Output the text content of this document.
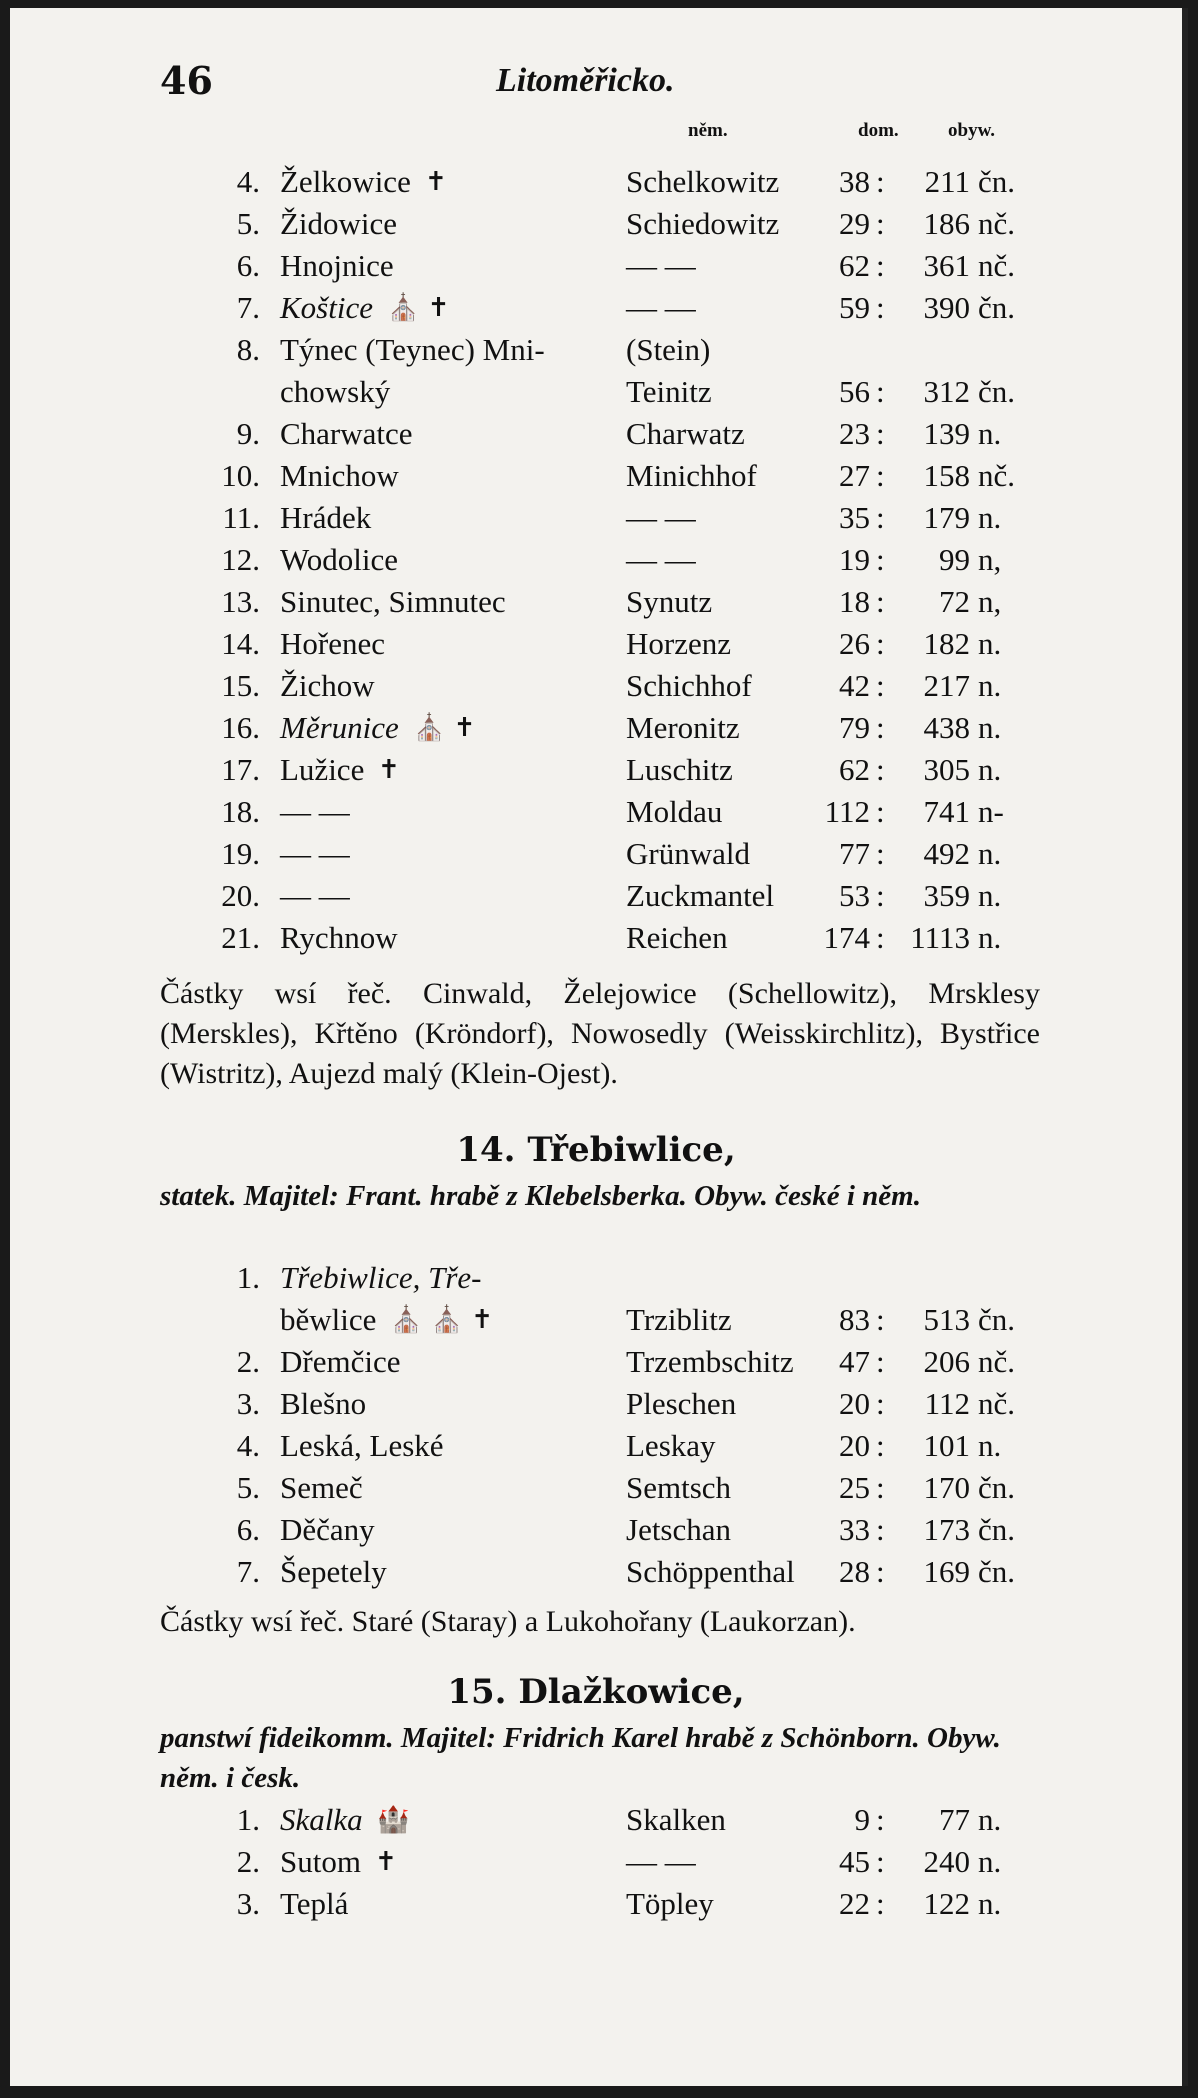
46	Litoměřicko.
něm.	dom.	obyw.
4. Želkowice ✝	Schelkowitz	38	211 čn.
:
5. Židowice	Schiedowitz	29	186 nč.
:
6. Hnojnice	— —	62	361 nč.
:
7. Koštice ⛪ ✝	— —	59	390 čn.
:
8. Týnec (Teynec) Mni-	(Stein)
chowský	Teinitz	56	312 čn.
:
9. Charwatce	Charwatz	23	139 n.
:
10. Mnichow	Minichhof	27	158 nč.
:
11. Hrádek	— —	35	179 n.
:
12. Wodolice	— —	19	99 n,
:
13. Sinutec, Simnutec	Synutz	18	72 n,
:
14. Hořenec	Horzenz	26	182 n.
:
15. Žichow	Schichhof	42	217 n.
:
16. Měrunice ⛪ ✝	Meronitz	79	438 n.
:
17. Lužice ✝	Luschitz	62	305 n.
:
18. — —	Moldau	112	741 n-
:
19. — —	Grünwald	77	492 n.
:
20. — —	Zuckmantel	53	359 n.
:
21. Rychnow	Reichen	174	1113 n.
:
Částky wsí řeč. Cinwald, Želejowice (Schellowitz), Mrsklesy (Merskles), Křtěno (Kröndorf), Nowosedly (Weisskirchlitz), Bystřice (Wistritz), Aujezd malý (Klein-Ojest).
14. Třebiwlice,
statek. Majitel: Frant. hrabě z Klebelsberka. Obyw. české i něm.
1. Třebiwlice, Tře-
běwlice ⛪ ⛪ ✝	Trziblitz	83	513 čn.
:
2. Dřemčice	Trzembschitz	47	206 nč.
:
3. Blešno	Pleschen	20	112 nč.
:
4. Leská, Leské	Leskay	20	101 n.
:
5. Semeč	Semtsch	25	170 čn.
:
6. Děčany	Jetschan	33	173 čn.
:
7. Šepetely	Schöppenthal	28	169 čn.
:
Částky wsí řeč. Staré (Staray) a Lukohořany (Laukorzan).
15. Dlažkowice,
panstwí fideikomm. Majitel: Fridrich Karel hrabě z Schönborn. Obyw. něm. i česk.
1. Skalka 🏰	Skalken	9	77 n.
:
2. Sutom ✝	— —	45	240 n.
:
3. Teplá	Töpley	22	122 n.
:
